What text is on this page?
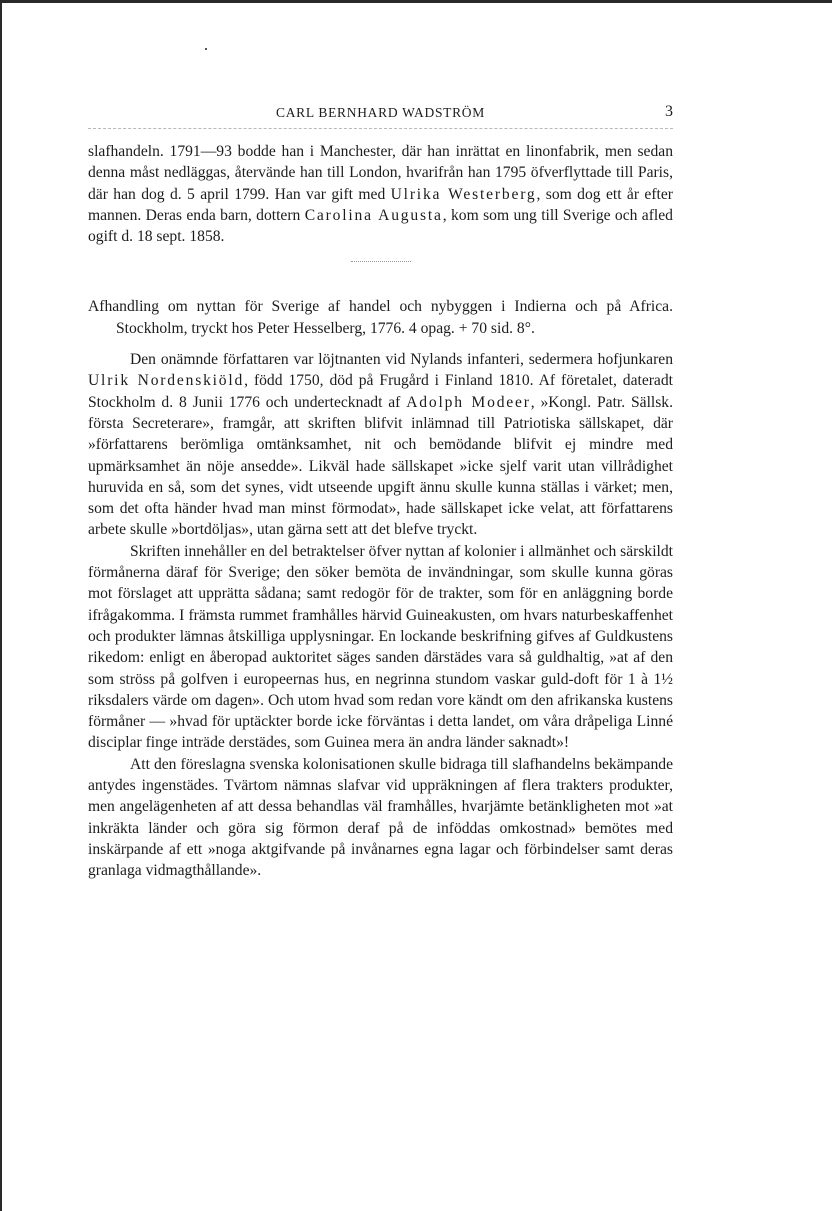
CARL BERNHARD WADSTRÖM	3

slafhandeln. 1791—93 bodde han i Manchester, där han inrättat en linonfabrik, men sedan denna måst nedläggas, återvände han till London, hvarifrån han 1795 öfverflyttade till Paris, där han dog d. 5 april 1799. Han var gift med Ulrika Westerberg, som dog ett år efter mannen. Deras enda barn, dottern Carolina Augusta, kom som ung till Sverige och afled ogift d. 18 sept. 1858.

Afhandling om nyttan för Sverige af handel och nybyggen i Indierna och på Africa. Stockholm, tryckt hos Peter Hesselberg, 1776. 4 opag. + 70 sid. 8°.

Den onämnde författaren var löjtnanten vid Nylands infanteri, sedermera hofjunkaren Ulrik Nordenskiöld, född 1750, död på Frugård i Finland 1810. Af företalet, dateradt Stockholm d. 8 Junii 1776 och undertecknadt af Adolph Modeer, »Kongl. Patr. Sällsk. första Secreterare», framgår, att skriften blifvit inlämnad till Patriotiska sällskapet, där »författarens berömliga omtänksamhet, nit och bemödande blifvit ej mindre med upmärksamhet än nöje ansedde». Likväl hade sällskapet »icke sjelf varit utan villrådighet huruvida en så, som det synes, vidt utseende upgift ännu skulle kunna ställas i värket; men, som det ofta händer hvad man minst förmodat», hade sällskapet icke velat, att författarens arbete skulle »bortdöljas», utan gärna sett att det blefve tryckt.

Skriften innehåller en del betraktelser öfver nyttan af kolonier i allmänhet och särskildt förmånerna däraf för Sverige; den söker bemöta de invändningar, som skulle kunna göras mot förslaget att upprätta sådana; samt redogör för de trakter, som för en anläggning borde ifrågakomma. I främsta rummet framhålles härvid Guineakusten, om hvars naturbeskaffenhet och produkter lämnas åtskilliga upplysningar. En lockande beskrifning gifves af Guldkustens rikedom: enligt en åberopad auktoritet säges sanden därstädes vara så guldhaltig, »at af den som ströss på golfven i europeernas hus, en negrinna stundom vaskar guld-doft för 1 à 1½ riksdalers värde om dagen». Och utom hvad som redan vore kändt om den afrikanska kustens förmåner — »hvad för uptäckter borde icke förväntas i detta landet, om våra dråpeliga Linné disciplar finge inträde derstädes, som Guinea mera än andra länder saknadt»!

Att den föreslagna svenska kolonisationen skulle bidraga till slafhandelns bekämpande antydes ingenstädes. Tvärtom nämnas slafvar vid uppräkningen af flera trakters produkter, men angelägenheten af att dessa behandlas väl framhålles, hvarjämte betänkligheten mot »at inkräkta länder och göra sig förmon deraf på de inföddas omkostnad» bemötes med inskärpande af ett »noga aktgifvande på invånarnes egna lagar och förbindelser samt deras granlaga vidmagthållande».
